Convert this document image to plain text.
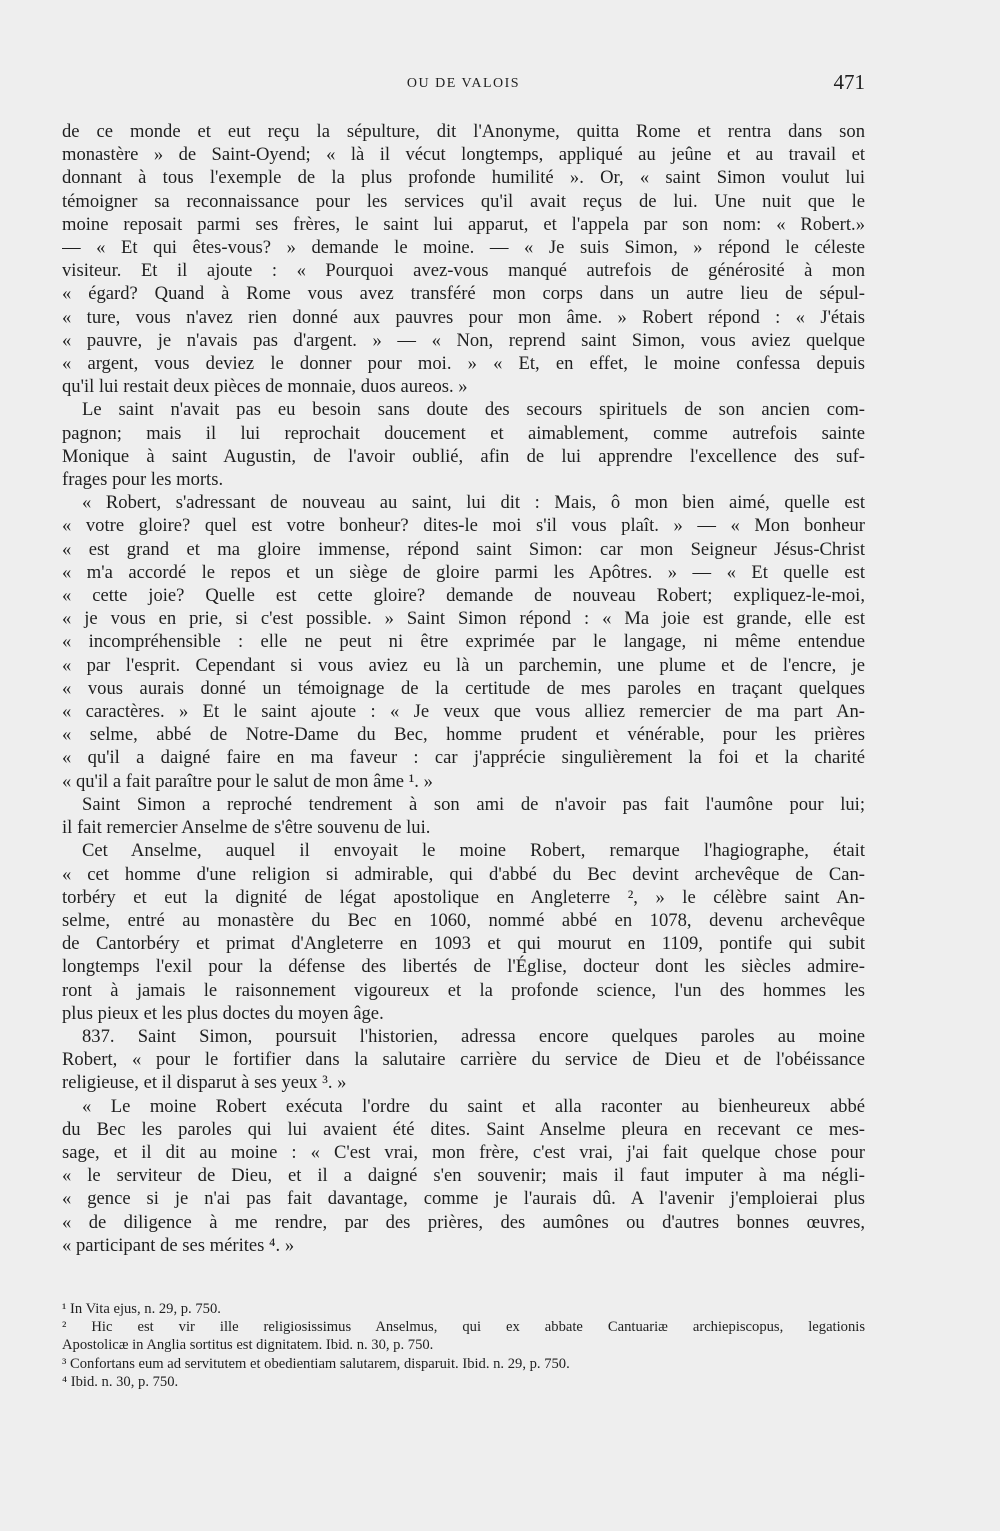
OU DE VALOIS	471
de ce monde et eut reçu la sépulture, dit l'Anonyme, quitta Rome et rentra dans son
monastère » de Saint-Oyend; « là il vécut longtemps, appliqué au jeûne et au travail et
donnant à tous l'exemple de la plus profonde humilité ». Or, « saint Simon voulut lui
témoigner sa reconnaissance pour les services qu'il avait reçus de lui. Une nuit que le
moine reposait parmi ses frères, le saint lui apparut, et l'appela par son nom: « Robert.»
— « Et qui êtes-vous? » demande le moine. — « Je suis Simon, » répond le céleste
visiteur. Et il ajoute : « Pourquoi avez-vous manqué autrefois de générosité à mon
« égard? Quand à Rome vous avez transféré mon corps dans un autre lieu de sépul-
« ture, vous n'avez rien donné aux pauvres pour mon âme. » Robert répond : « J'étais
« pauvre, je n'avais pas d'argent. » — « Non, reprend saint Simon, vous aviez quelque
« argent, vous deviez le donner pour moi. » « Et, en effet, le moine confessa depuis
qu'il lui restait deux pièces de monnaie, duos aureos. »
Le saint n'avait pas eu besoin sans doute des secours spirituels de son ancien com-
pagnon; mais il lui reprochait doucement et aimablement, comme autrefois sainte
Monique à saint Augustin, de l'avoir oublié, afin de lui apprendre l'excellence des suf-
frages pour les morts.
« Robert, s'adressant de nouveau au saint, lui dit : Mais, ô mon bien aimé, quelle est
« votre gloire? quel est votre bonheur? dites-le moi s'il vous plaît. » — « Mon bonheur
« est grand et ma gloire immense, répond saint Simon: car mon Seigneur Jésus-Christ
« m'a accordé le repos et un siège de gloire parmi les Apôtres. » — « Et quelle est
« cette joie? Quelle est cette gloire? demande de nouveau Robert; expliquez-le-moi,
« je vous en prie, si c'est possible. » Saint Simon répond : « Ma joie est grande, elle est
« incompréhensible : elle ne peut ni être exprimée par le langage, ni même entendue
« par l'esprit. Cependant si vous aviez eu là un parchemin, une plume et de l'encre, je
« vous aurais donné un témoignage de la certitude de mes paroles en traçant quelques
« caractères. » Et le saint ajoute : « Je veux que vous alliez remercier de ma part An-
« selme, abbé de Notre-Dame du Bec, homme prudent et vénérable, pour les prières
« qu'il a daigné faire en ma faveur : car j'apprécie singulièrement la foi et la charité
« qu'il a fait paraître pour le salut de mon âme ¹. »
Saint Simon a reproché tendrement à son ami de n'avoir pas fait l'aumône pour lui;
il fait remercier Anselme de s'être souvenu de lui.
Cet Anselme, auquel il envoyait le moine Robert, remarque l'hagiographe, était
« cet homme d'une religion si admirable, qui d'abbé du Bec devint archevêque de Can-
torbéry et eut la dignité de légat apostolique en Angleterre ², » le célèbre saint An-
selme, entré au monastère du Bec en 1060, nommé abbé en 1078, devenu archevêque
de Cantorbéry et primat d'Angleterre en 1093 et qui mourut en 1109, pontife qui subit
longtemps l'exil pour la défense des libertés de l'Église, docteur dont les siècles admire-
ront à jamais le raisonnement vigoureux et la profonde science, l'un des hommes les
plus pieux et les plus doctes du moyen âge.
837. Saint Simon, poursuit l'historien, adressa encore quelques paroles au moine
Robert, « pour le fortifier dans la salutaire carrière du service de Dieu et de l'obéissance
religieuse, et il disparut à ses yeux ³. »
« Le moine Robert exécuta l'ordre du saint et alla raconter au bienheureux abbé
du Bec les paroles qui lui avaient été dites. Saint Anselme pleura en recevant ce mes-
sage, et il dit au moine : « C'est vrai, mon frère, c'est vrai, j'ai fait quelque chose pour
« le serviteur de Dieu, et il a daigné s'en souvenir; mais il faut imputer à ma négli-
« gence si je n'ai pas fait davantage, comme je l'aurais dû. A l'avenir j'emploierai plus
« de diligence à me rendre, par des prières, des aumônes ou d'autres bonnes œuvres,
« participant de ses mérites ⁴. »
¹ In Vita ejus, n. 29, p. 750.
² Hic est vir ille religiosissimus Anselmus, qui ex abbate Cantuariæ archiepiscopus, legationis
Apostolicæ in Anglia sortitus est dignitatem. Ibid. n. 30, p. 750.
³ Confortans eum ad servitutem et obedientiam salutarem, disparuit. Ibid. n. 29, p. 750.
⁴ Ibid. n. 30, p. 750.
